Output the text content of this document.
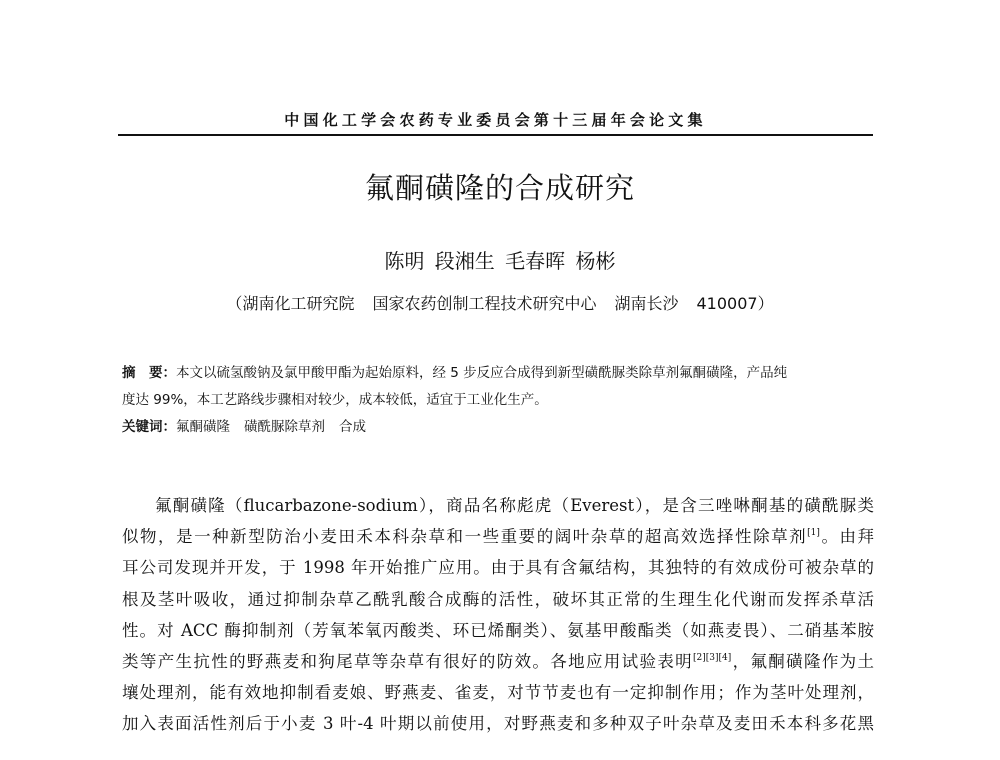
中国化工学会农药专业委员会第十三届年会论文集
氟酮磺隆的合成研究
陈明 段湘生 毛春晖 杨彬
（湖南化工研究院 国家农药创制工程技术研究中心 湖南长沙 410007）
摘　要：本文以硫氢酸钠及氯甲酸甲酯为起始原料，经 5 步反应合成得到新型磺酰脲类除草剂氟酮磺隆，产品纯
度达 99%，本工艺路线步骤相对较少，成本较低，适宜于工业化生产。
关键词：氟酮磺隆 磺酰脲除草剂 合成
氟酮磺隆（flucarbazone-sodium），商品名称彪虎（Everest），是含三唑啉酮基的磺酰脲类
似物，是一种新型防治小麦田禾本科杂草和一些重要的阔叶杂草的超高效选择性除草剂[1]。由拜
耳公司发现并开发，于 1998 年开始推广应用。由于具有含氟结构，其独特的有效成份可被杂草的
根及茎叶吸收，通过抑制杂草乙酰乳酸合成酶的活性，破坏其正常的生理生化代谢而发挥杀草活
性。对 ACC 酶抑制剂（芳氧苯氧丙酸类、环已烯酮类）、氨基甲酸酯类（如燕麦畏）、二硝基苯胺
类等产生抗性的野燕麦和狗尾草等杂草有很好的防效。各地应用试验表明[2][3][4]，氟酮磺隆作为土
壤处理剂，能有效地抑制看麦娘、野燕麦、雀麦，对节节麦也有一定抑制作用；作为茎叶处理剂，
加入表面活性剂后于小麦 3 叶-4 叶期以前使用，对野燕麦和多种双子叶杂草及麦田禾本科多花黑
